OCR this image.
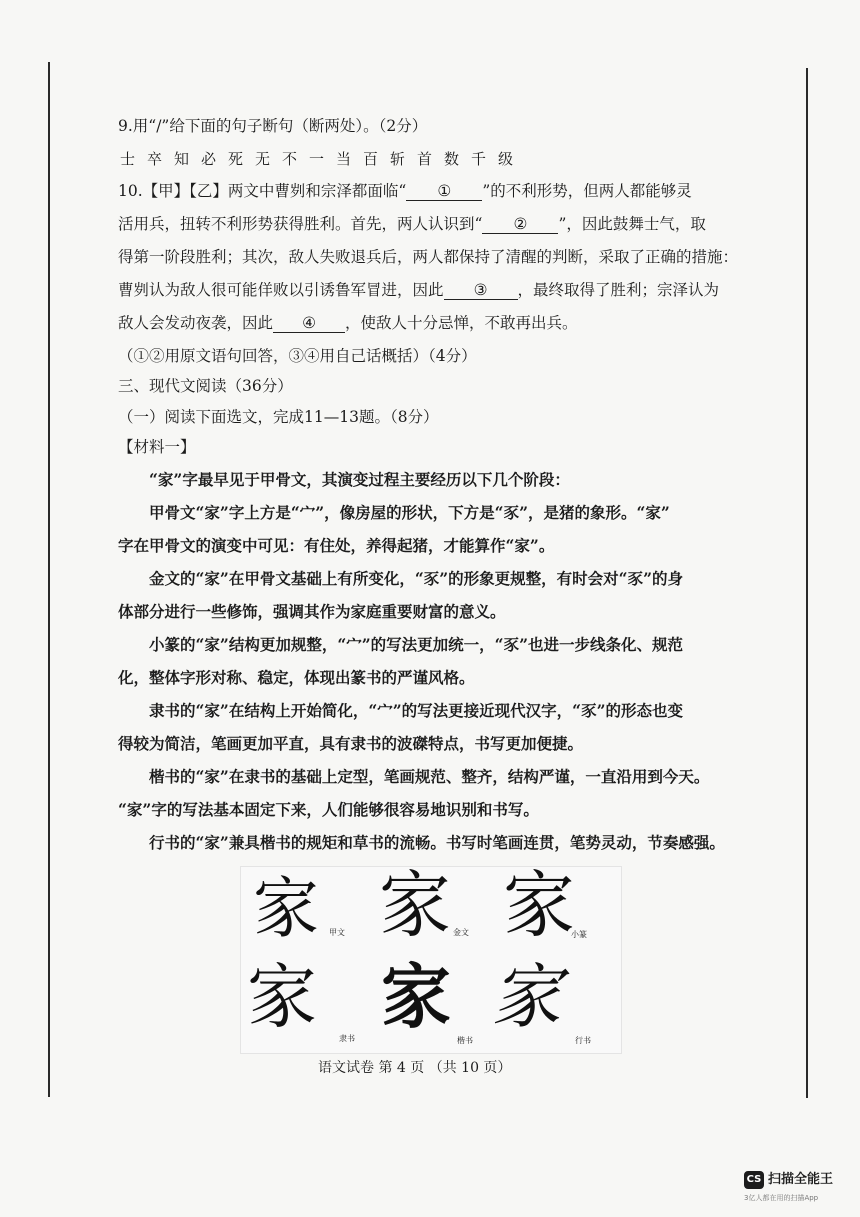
9.用“/”给下面的句子断句（断两处）。（2分）
士卒知必死无不一当百斩首数千级
10.【甲】【乙】两文中曹刿和宗泽都面临“ ① ”的不利形势，但两人都能够灵
活用兵，扭转不利形势获得胜利。首先，两人认识到“ ② ”，因此鼓舞士气，取
得第一阶段胜利；其次，敌人失败退兵后，两人都保持了清醒的判断，采取了正确的措施：
曹刿认为敌人很可能佯败以引诱鲁军冒进，因此 ③ ，最终取得了胜利；宗泽认为
敌人会发动夜袭，因此 ④ ，使敌人十分忌惮，不敢再出兵。
（①②用原文语句回答，③④用自己话概括）（4分）
三、现代文阅读（36分）
（一）阅读下面选文，完成11—13题。（8分）
【材料一】
“家”字最早见于甲骨文，其演变过程主要经历以下几个阶段：
甲骨文“家”字上方是“宀”，像房屋的形状，下方是“豕”，是猪的象形。“家”
字在甲骨文的演变中可见：有住处，养得起猪，才能算作“家”。
金文的“家”在甲骨文基础上有所变化，“豕”的形象更规整，有时会对“豕”的身
体部分进行一些修饰，强调其作为家庭重要财富的意义。
小篆的“家”结构更加规整，“宀”的写法更加统一，“豕”也进一步线条化、规范
化，整体字形对称、稳定，体现出篆书的严谨风格。
隶书的“家”在结构上开始简化，“宀”的写法更接近现代汉字，“豕”的形态也变
得较为简洁，笔画更加平直，具有隶书的波磔特点，书写更加便捷。
楷书的“家”在隶书的基础上定型，笔画规范、整齐，结构严谨，一直沿用到今天。
“家”字的写法基本固定下来，人们能够很容易地识别和书写。
行书的“家”兼具楷书的规矩和草书的流畅。书写时笔画连贯，笔势灵动，节奏感强。
家 家 家
甲文	金文	小篆
家 家 家
隶书	楷书	行书
语文试卷 第 4 页 （共 10 页）
CS 扫描全能王
3亿人都在用的扫描App
